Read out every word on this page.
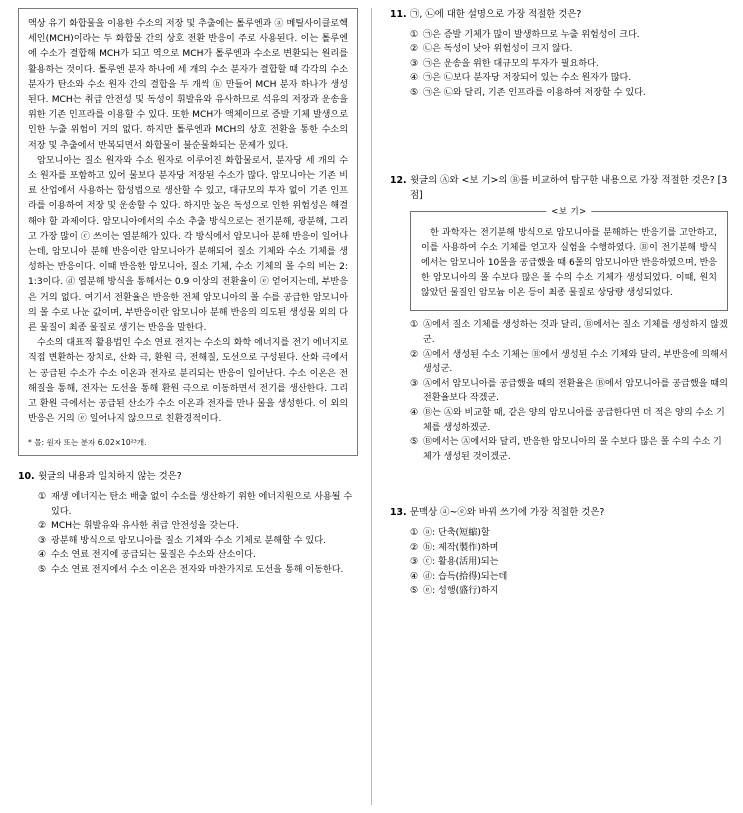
액상 유기 화합물을 이용한 수소의 저장 및 추출에는 톨루엔과 ⓐ 메틸사이클로헥세인(MCH)이라는 두 화합물 간의 상호 전환 반응이 주로 사용된다. 이는 톨루엔에 수소가 결합해 MCH가 되고 역으로 MCH가 톨루엔과 수소로 변환되는 원리를 활용하는 것이다. 톨루엔 분자 하나에 세 개의 수소 분자가 결합할 때 각각의 수소 분자가 탄소와 수소 원자 간의 결합을 두 개씩 ⓑ 만들어 MCH 분자 하나가 생성된다. MCH는 취급 안전성 및 독성이 휘발유와 유사하므로 석유의 저장과 운송을 위한 기존 인프라를 이용할 수 있다. 또한 MCH가 액체이므로 증발 기체 발생으로 인한 누출 위험이 거의 없다. 하지만 톨루엔과 MCH의 상호 전환을 통한 수소의 저장 및 추출에서 반복되면서 화합물이 불순물화되는 문제가 있다.

암모니아는 질소 원자와 수소 원자로 이루어진 화합물로서, 분자당 세 개의 수소 원자를 포함하고 있어 물보다 분자당 저장된 수소가 많다. 암모니아는 기존 비료 산업에서 사용하는 합성법으로 생산할 수 있고, 대규모의 투자 없이 기존 인프라를 이용하여 저장 및 운송할 수 있다. 하지만 높은 독성으로 인한 위험성은 해결해야 할 과제이다. 암모니아에서의 수소 추출 방식으로는 전기분해, 광분해, 그리고 가장 많이 ⓒ 쓰이는 열분해가 있다. 각 방식에서 암모니아 분해 반응이 일어나는데, 암모니아 분해 반응이란 암모니아가 분해되어 질소 기체와 수소 기체를 생성하는 반응이다. 이때 반응한 암모니아, 질소 기체, 수소 기체의 몰 수의 비는 2:1:3이다. ⓓ 열분해 방식을 통해서는 0.9 이상의 전환율이 ⓔ 얻어지는데, 부반응은 거의 없다. 여기서 전환율은 반응한 전체 암모니아의 몰 수를 공급한 암모니아의 몰 수로 나눈 값이며, 부반응이란 암모니아 분해 반응의 의도된 생성물 외의 다른 물질이 최종 물질로 생기는 반응을 말한다.

수소의 대표적 활용법인 수소 연료 전지는 수소의 화학 에너지를 전기 에너지로 직접 변환하는 장치로, 산화 극, 환원 극, 전해질, 도선으로 구성된다. 산화 극에서는 공급된 수소가 수소 이온과 전자로 분리되는 반응이 일어난다. 수소 이온은 전해질을 통해, 전자는 도선을 통해 환원 극으로 이동하면서 전기를 생산한다. 그리고 환원 극에서는 공급된 산소가 수소 이온과 전자를 만나 물을 생성한다. 이 외의 반응은 거의 ⓔ 일어나지 않으므로 친환경적이다.

* 몰: 원자 또는 분자 6.02×10²³개.
10. 윗글의 내용과 일치하지 않는 것은?
① 재생 에너지는 탄소 배출 없이 수소를 생산하기 위한 에너지원으로 사용될 수 있다.
② MCH는 휘발유와 유사한 취급 안전성을 갖는다.
③ 광분해 방식으로 암모니아를 질소 기체와 수소 기체로 분해할 수 있다.
④ 수소 연료 전지에 공급되는 물질은 수소와 산소이다.
⑤ 수소 연료 전지에서 수소 이온은 전자와 마찬가지로 도선을 통해 이동한다.
11. ㉠, ㉡에 대한 설명으로 가장 적절한 것은?
① ㉠은 증발 기체가 많이 발생하므로 누출 위험성이 크다.
② ㉡은 독성이 낮아 위험성이 크지 않다.
③ ㉠은 운송을 위한 대규모의 투자가 필요하다.
④ ㉠은 ㉡보다 분자당 저장되어 있는 수소 원자가 많다.
⑤ ㉠은 ㉡와 달리, 기존 인프라를 이용하여 저장할 수 있다.
12. 윗글의 Ⓐ와 <보 기>의 Ⓑ를 비교하여 탐구한 내용으로 가장 적절한 것은? [3점]
<보 기>
한 과학자는 전기분해 방식으로 암모니아를 분해하는 반응기를 고안하고, 이를 사용하여 수소 기체를 얻고자 실험을 수행하였다. Ⓑ이 전기분해 방식에서는 암모니아 10몰을 공급했을 때 6몰의 암모니아만 반응하였으며, 반응한 암모니아의 몰 수보다 많은 몰 수의 수소 기체가 생성되었다. 이때, 원치 않았던 물질인 암모늄 이온 등이 최종 물질로 상당량 생성되었다.
① Ⓐ에서 질소 기체를 생성하는 것과 달리, Ⓑ에서는 질소 기체를 생성하지 않겠군.
② Ⓐ에서 생성된 수소 기체는 Ⓑ에서 생성된 수소 기체와 달리, 부반응에 의해서 생성군.
③ Ⓐ에서 암모니아를 공급했을 때의 전환율은 Ⓑ에서 암모니아를 공급했을 때의 전환율보다 작겠군.
④ Ⓑ는 Ⓐ와 비교할 때, 같은 양의 암모니아를 공급한다면 더 적은 양의 수소 기체를 생성하겠군.
⑤ Ⓑ에서는 Ⓐ에서와 달리, 반응한 암모니아의 몰 수보다 많은 몰 수의 수소 기체가 생성된 것이겠군.
13. 문맥상 ⓐ~ⓔ와 바꿔 쓰기에 가장 적절한 것은?
① ⓐ: 단축(短縮)할
② ⓑ: 제작(製作)하며
③ ⓒ: 활용(活用)되는
④ ⓓ: 습득(拾得)되는데
⑤ ⓔ: 성행(盛行)하지
